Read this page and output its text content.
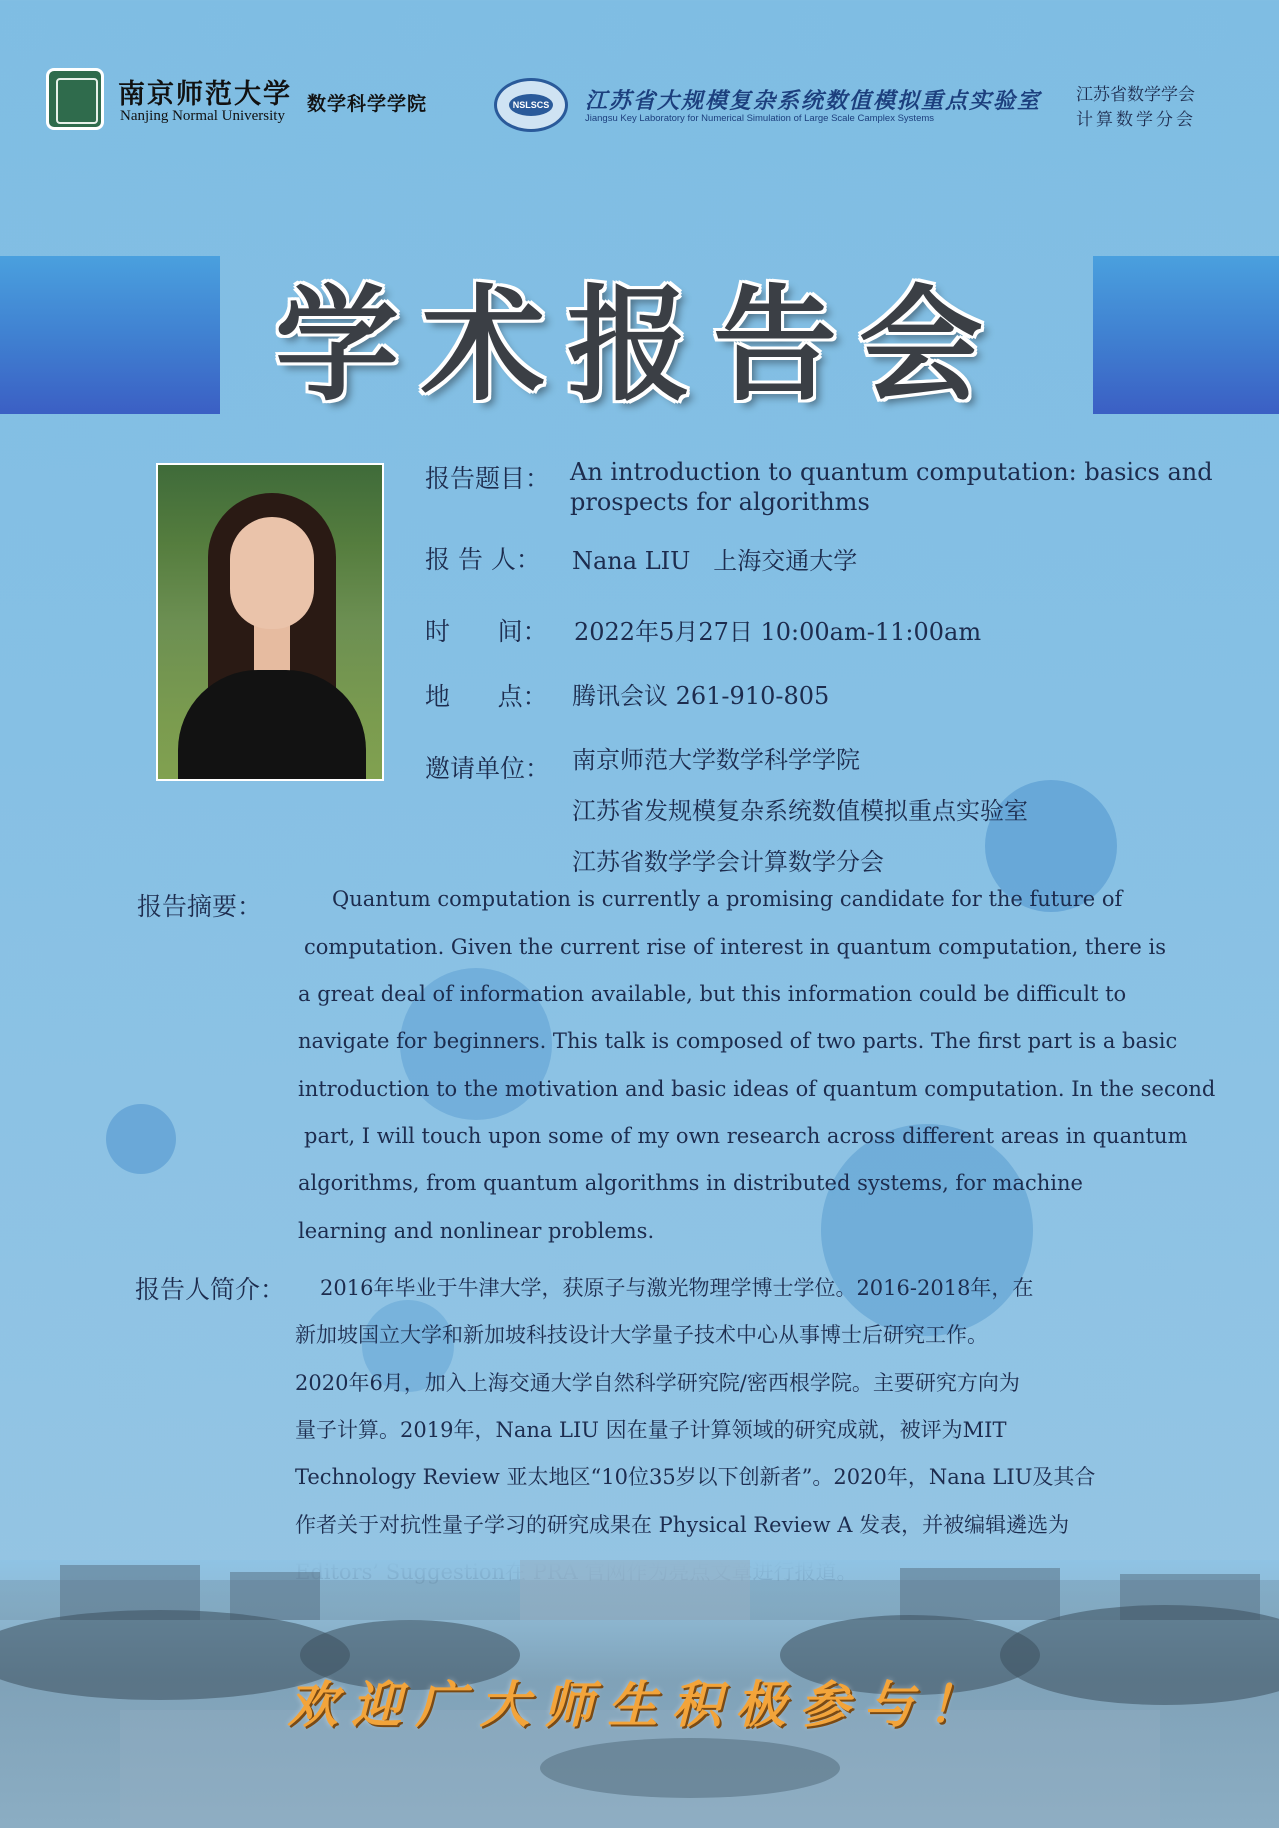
南京师范大学
Nanjing Normal University
数学科学学院	NSLSCS 江苏省大规模复杂系统数值模拟重点实验室
Jiangsu Key Laboratory for Numerical Simulation of Large Scale Camplex Systems
江苏省数学学会
计算数学分会
学术报告会
报告题目： An introduction to quantum computation: basics and
prospects for algorithms
报 告 人： Nana LIU   上海交通大学
时      间： 2022年5月27日 10:00am-11:00am
地      点： 腾讯会议 261-910-805
邀请单位： 南京师范大学数学科学学院
江苏省发规模复杂系统数值模拟重点实验室
江苏省数学学会计算数学分会
报告摘要：	Quantum computation is currently a promising candidate for the future of
computation. Given the current rise of interest in quantum computation, there is
a great deal of information available, but this information could be difficult to
navigate for beginners. This talk is composed of two parts. The first part is a basic
introduction to the motivation and basic ideas of quantum computation. In the second
part, I will touch upon some of my own research across different areas in quantum
algorithms, from quantum algorithms in distributed systems, for machine
learning and nonlinear problems.
报告人简介： 2016年毕业于牛津大学，获原子与激光物理学博士学位。2016-2018年，在
新加坡国立大学和新加坡科技设计大学量子技术中心从事博士后研究工作。
2020年6月，加入上海交通大学自然科学研究院/密西根学院。主要研究方向为
量子计算。2019年，Nana LIU 因在量子计算领域的研究成就，被评为MIT
Technology Review 亚太地区“10位35岁以下创新者”。2020年，Nana LIU及其合
作者关于对抗性量子学习的研究成果在 Physical Review A 发表，并被编辑遴选为
欢迎广大师生积极参与！
